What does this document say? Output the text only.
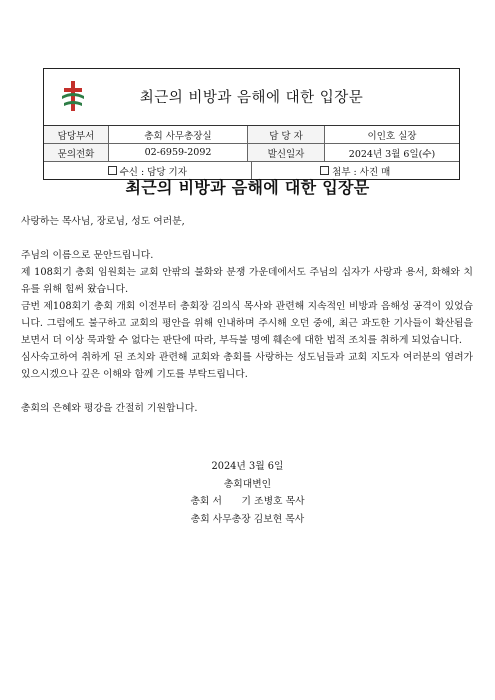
최근의 비방과 음해에 대한 입장문
담당부서	총회 사무총장실	담 당 자	이인호 실장
문의전화	02-6959-2092	발신일자	2024년 3월 6일(수)
수신 : 담당 기자	첨부 : 사진 매
최근의 비방과 음해에 대한 입장문

사랑하는 목사님, 장로님, 성도 여러분,

주님의 이름으로 문안드립니다.

제 108회기 총회 임원회는 교회 안팎의 불화와 분쟁 가운데에서도 주님의 십자가 사랑과 용서, 화해와 치유를 위해 힘써 왔습니다.

금번 제108회기 총회 개회 이전부터 총회장 김의식 목사와 관련해 지속적인 비방과 음해성 공격이 있었습니다. 그럼에도 불구하고 교회의 평안을 위해 인내하며 주시해 오던 중에, 최근 과도한 기사들이 확산됨을 보면서 더 이상 묵과할 수 없다는 판단에 따라, 부득불 명예 훼손에 대한 법적 조치를 취하게 되었습니다.

심사숙고하여 취하게 된 조치와 관련해 교회와 총회를 사랑하는 성도님들과 교회 지도자 여러분의 염려가 있으시겠으나 깊은 이해와 함께 기도를 부탁드립니다.

총회의 은혜와 평강을 간절히 기원합니다.

2024년 3월 6일
총회대변인
총회 서　　기 조병호 목사
총회 사무총장 김보현 목사
